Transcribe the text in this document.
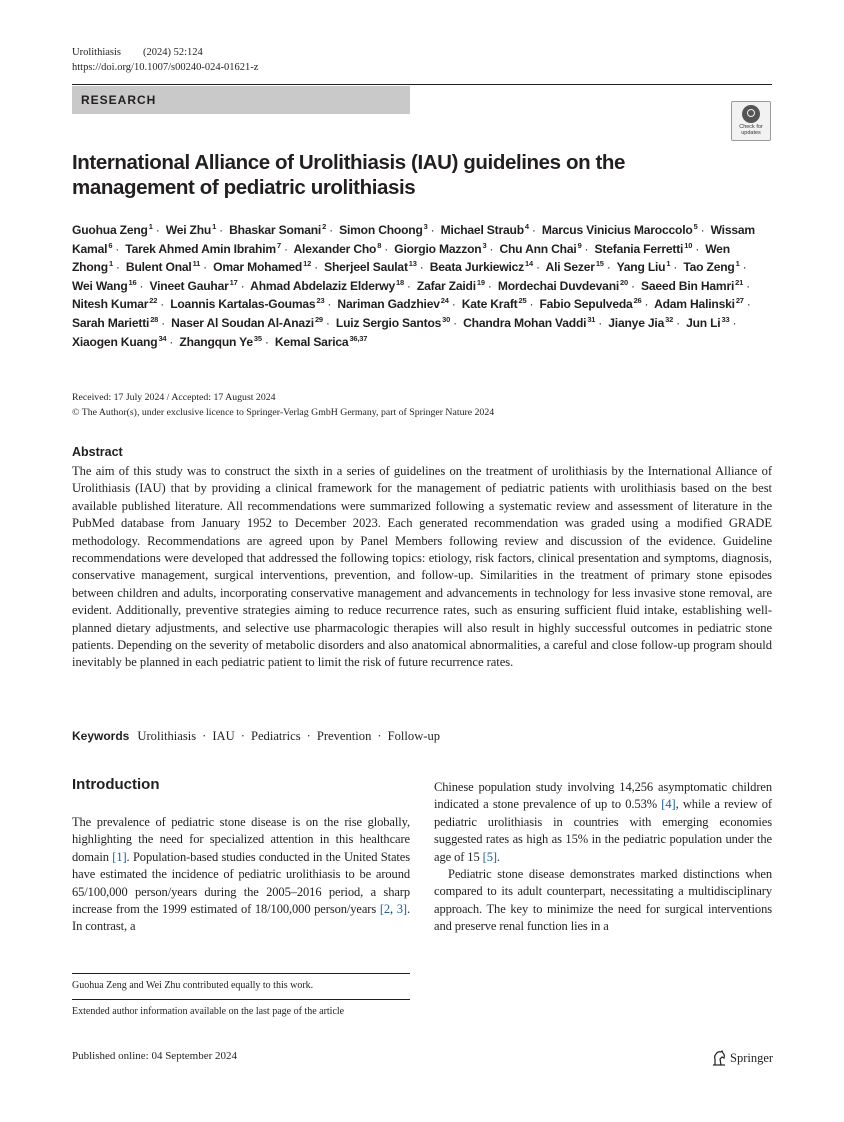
Urolithiasis (2024) 52:124
https://doi.org/10.1007/s00240-024-01621-z
RESEARCH
Check for
updates
International Alliance of Urolithiasis (IAU) guidelines on the management of pediatric urolithiasis
Guohua Zeng$^1$ · Wei Zhu$^1$ · Bhaskar Somani$^2$ · Simon Choong$^3$ · Michael Straub$^4$ · Marcus Vinicius Maroccolo$^5$ · Wissam Kamal$^6$ · Tarek Ahmed Amin Ibrahim$^7$ · Alexander Cho$^8$ · Giorgio Mazzon$^3$ · Chu Ann Chai$^9$ · Stefania Ferretti$^{10}$ · Wen Zhong$^1$ · Bulent Onal$^{11}$ · Omar Mohamed$^{12}$ · Sherjeel Saulat$^{13}$ · Beata Jurkiewicz$^{14}$ · Ali Sezer$^{15}$ · Yang Liu$^1$ · Tao Zeng$^1$ · Wei Wang$^{16}$ · Vineet Gauhar$^{17}$ · Ahmad Abdelaziz Elderwy$^{18}$ · Zafar Zaidi$^{19}$ · Mordechai Duvdevani$^{20}$ · Saeed Bin Hamri$^{21}$ · Nitesh Kumar$^{22}$ · Loannis Kartalas-Goumas$^{23}$ · Nariman Gadzhiev$^{24}$ · Kate Kraft$^{25}$ · Fabio Sepulveda$^{26}$ · Adam Halinski$^{27}$ · Sarah Marietti$^{28}$ · Naser Al Soudan Al-Anazi$^{29}$ · Luiz Sergio Santos$^{30}$ · Chandra Mohan Vaddi$^{31}$ · Jianye Jia$^{32}$ · Jun $Li^{33}$ · Xiaogen Kuang$^{34}$ · Zhangqun $Ye^{35}$ · Kemal Sarica$^{36,37}$
Received: 17 July 2024 / Accepted: 17 August 2024
© The Author(s), under exclusive licence to Springer-Verlag GmbH Germany, part of Springer Nature 2024
Abstract

The aim of this study was to construct the sixth in a series of guidelines on the treatment of urolithiasis by the International Alliance of Urolithiasis (IAU) that by providing a clinical framework for the management of pediatric patients with urolithiasis based on the best available published literature. All recommendations were summarized following a systematic review and assessment of literature in the PubMed database from January 1952 to December 2023. Each generated recommendation was graded using a modified GRADE methodology. Recommendations are agreed upon by Panel Members following review and discussion of the evidence. Guideline recommendations were developed that addressed the following topics: etiology, risk factors, clinical presentation and symptoms, diagnosis, conservative management, surgical interventions, prevention, and follow-up. Similarities in the treatment of primary stone episodes between children and adults, incorporating conservative management and advancements in technology for less invasive stone removal, are evident. Additionally, preventive strategies aiming to reduce recurrence rates, such as ensuring sufficient fluid intake, establishing well-planned dietary adjustments, and selective use pharmacologic therapies will also result in highly successful outcomes in pediatric stone patients. Depending on the severity of metabolic disorders and also anatomical abnormalities, a careful and close follow-up program should inevitably be planned in each pediatric patient to limit the risk of future recurrence rates.

Keywords Urolithiasis · IAU · Pediatrics · Prevention · Follow-up
Introduction

The prevalence of pediatric stone disease is on the rise globally, highlighting the need for specialized attention in this healthcare domain [1]. Population-based studies conducted in the United States have estimated the incidence of pediatric urolithiasis to be around 65/100,000 person/years during the 2005–2016 period, a sharp increase from the 1999 estimated of 18/100,000 person/years [2, 3]. In contrast, a

Chinese population study involving 14,256 asymptomatic children indicated a stone prevalence of up to 0.53% [4], while a review of pediatric urolithiasis in countries with emerging economies suggested rates as high as 15% in the pediatric population under the age of 15 [5].

Pediatric stone disease demonstrates marked distinctions when compared to its adult counterpart, necessitating a multidisciplinary approach. The key to minimize the need for surgical interventions and preserve renal function lies in a

Guohua Zeng and Wei Zhu contributed equally to this work.
Extended author information available on the last page of the article
Published online: 04 September 2024	Springer
